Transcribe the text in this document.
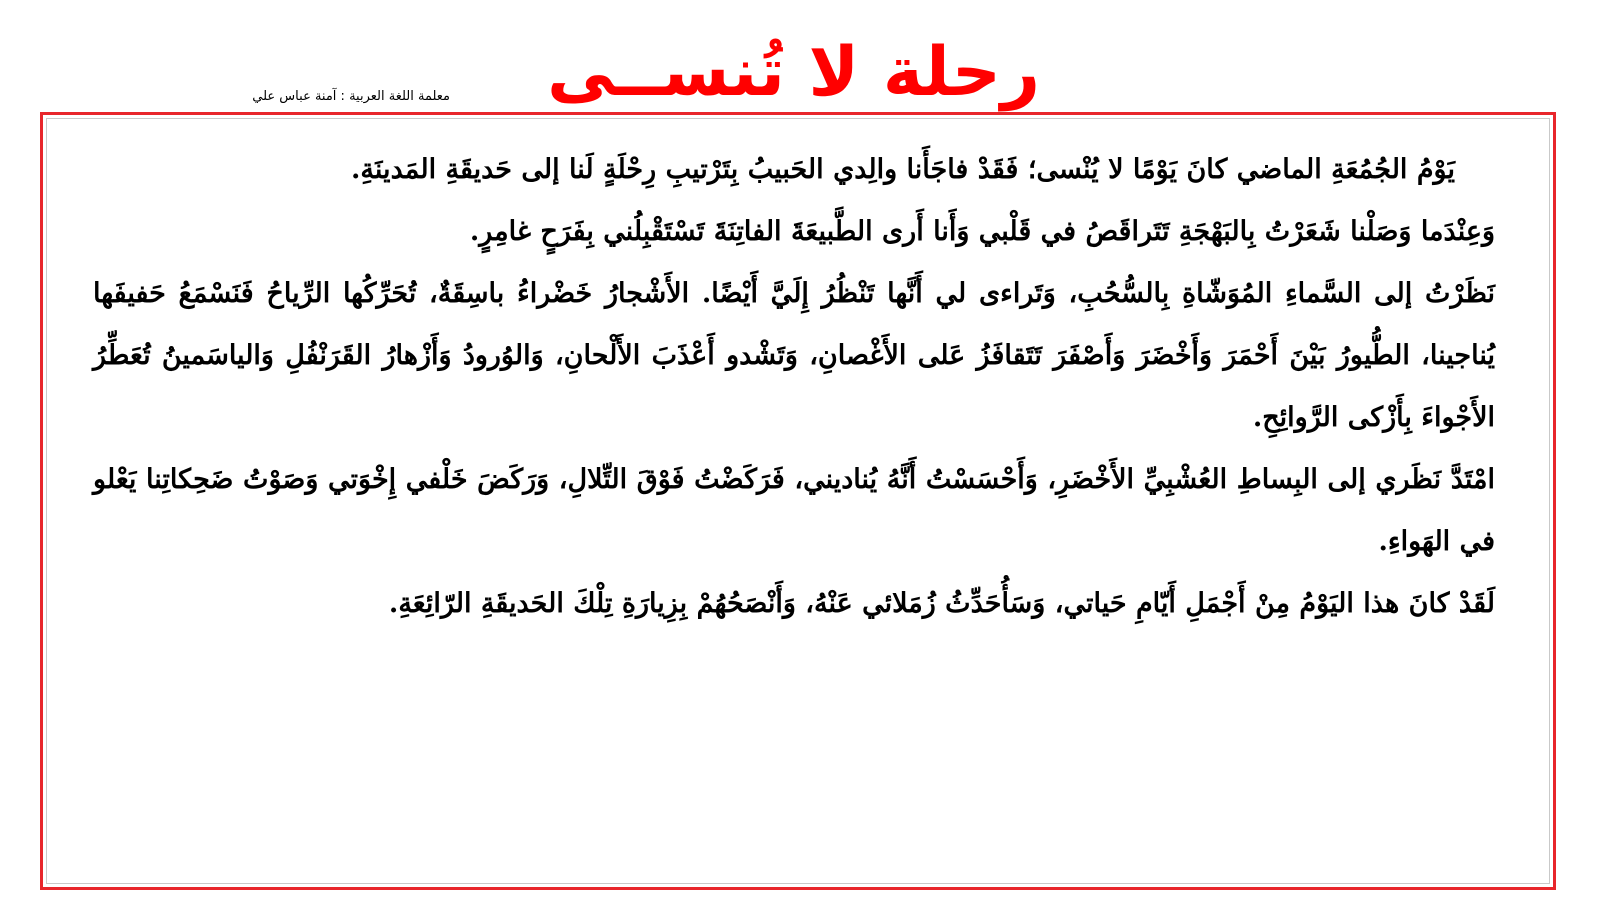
رحلة لا تُنســى
معلمة اللغة العربية : آمنة عباس علي

يَوْمُ الجُمُعَةِ الماضي كانَ يَوْمًا لا يُنْسى؛ فَقَدْ فاجَأَنا والِدي الحَبيبُ بِتَرْتيبِ رِحْلَةٍ لَنا إلى حَديقَةِ المَدينَةِ.

وَعِنْدَما وَصَلْنا شَعَرْتُ بِالبَهْجَةِ تَتَراقَصُ في قَلْبي وَأَنا أَرى الطَّبيعَةَ الفاتِنَةَ تَسْتَقْبِلُني بِفَرَحٍ غامِرٍ.

نَظَرْتُ إلى السَّماءِ المُوَشّاةِ بِالسُّحُبِ، وَتَراءى لي أَنَّها تَنْظُرُ إِلَيَّ أَيْضًا. الأَشْجارُ خَضْراءُ باسِقَةٌ، تُحَرِّكُها الرِّياحُ فَنَسْمَعُ حَفيفَها يُناجينا، الطُّيورُ بَيْنَ أَحْمَرَ وَأَخْضَرَ وَأَصْفَرَ تَتَقافَزُ عَلى الأَغْصانِ، وَتَشْدو أَعْذَبَ الأَلْحانِ، وَالوُرودُ وَأَزْهارُ القَرَنْفُلِ وَالياسَمينُ تُعَطِّرُ الأَجْواءَ بِأَزْكى الرَّوائِحِ.

امْتَدَّ نَظَري إلى البِساطِ العُشْبِيِّ الأَخْضَرِ، وَأَحْسَسْتُ أَنَّهُ يُناديني، فَرَكَضْتُ فَوْقَ التِّلالِ، وَرَكَضَ خَلْفي إِخْوَتي وَصَوْتُ ضَحِكاتِنا يَعْلو في الهَواءِ.

لَقَدْ كانَ هذا اليَوْمُ مِنْ أَجْمَلِ أَيّامِ حَياتي، وَسَأُحَدِّثُ زُمَلائي عَنْهُ، وَأَنْصَحُهُمْ بِزِيارَةِ تِلْكَ الحَديقَةِ الرّائِعَةِ.
